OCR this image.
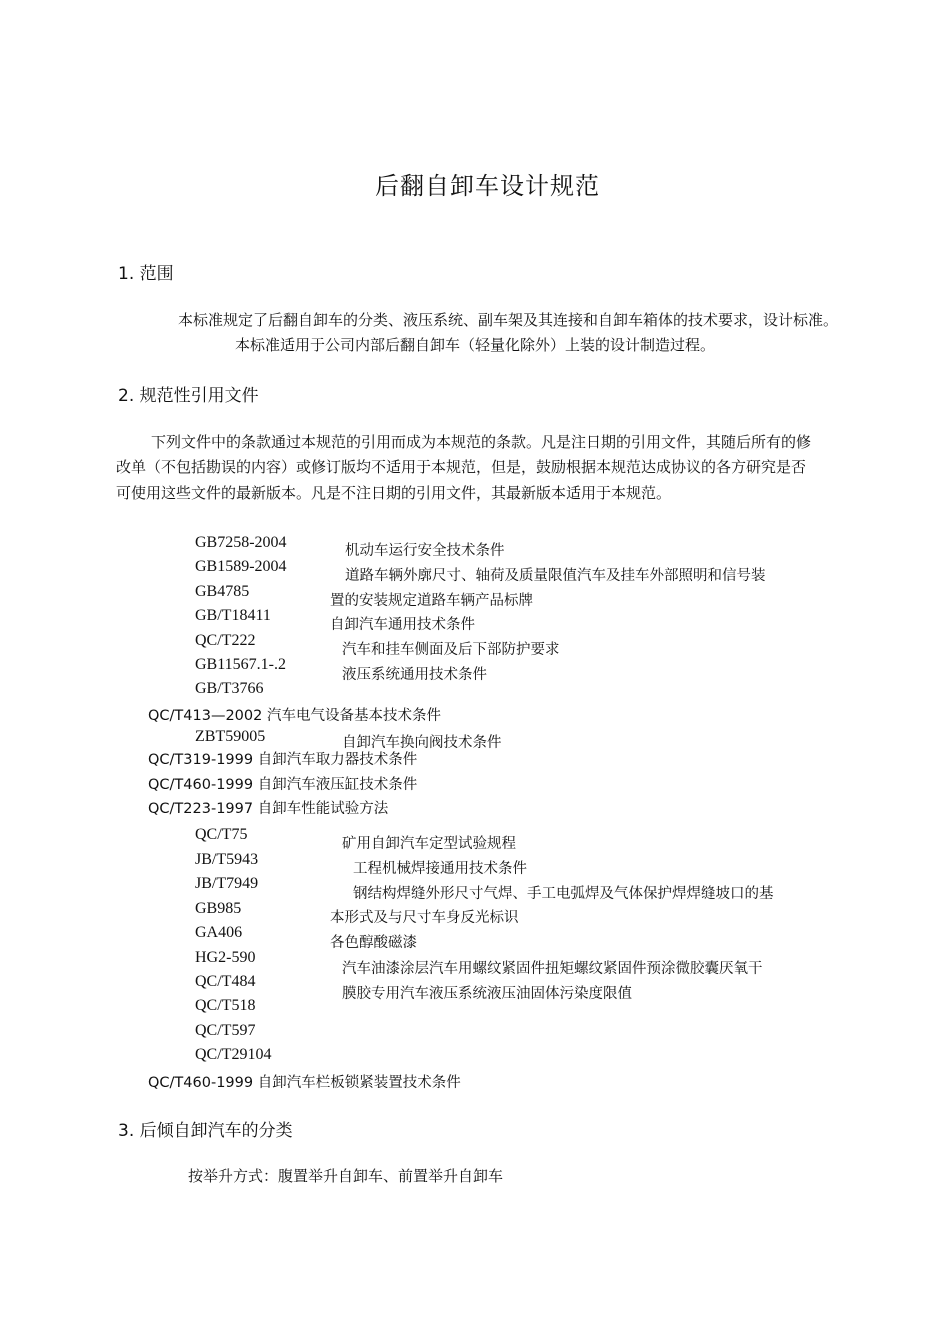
后翻自卸车设计规范
1. 范围
本标准规定了后翻自卸车的分类、液压系统、副车架及其连接和自卸车箱体的技术要求，设计标准。
本标准适用于公司内部后翻自卸车（轻量化除外）上装的设计制造过程。
2. 规范性引用文件
下列文件中的条款通过本规范的引用而成为本规范的条款。凡是注日期的引用文件，其随后所有的修
改单（不包括勘误的内容）或修订版均不适用于本规范，但是，鼓励根据本规范达成协议的各方研究是否
可使用这些文件的最新版本。凡是不注日期的引用文件，其最新版本适用于本规范。
GB7258-2004
GB1589-2004
GB4785
GB/T18411
QC/T222
GB11567.1-.2
GB/T3766
机动车运行安全技术条件
道路车辆外廓尺寸、轴荷及质量限值汽车及挂车外部照明和信号装
置的安装规定道路车辆产品标牌
自卸汽车通用技术条件
汽车和挂车侧面及后下部防护要求
液压系统通用技术条件
QC/T413—2002 汽车电气设备基本技术条件
ZBT59005	自卸汽车换向阀技术条件
QC/T319-1999 自卸汽车取力器技术条件
QC/T460-1999 自卸汽车液压缸技术条件
QC/T223-1997 自卸车性能试验方法
QC/T75
JB/T5943
JB/T7949
GB985
GA406
HG2-590
QC/T484
QC/T518
QC/T597
QC/T29104
矿用自卸汽车定型试验规程
工程机械焊接通用技术条件
钢结构焊缝外形尺寸气焊、手工电弧焊及气体保护焊焊缝坡口的基
本形式及与尺寸车身反光标识
各色醇酸磁漆
汽车油漆涂层汽车用螺纹紧固件扭矩螺纹紧固件预涂微胶囊厌氧干
膜胶专用汽车液压系统液压油固体污染度限值
QC/T460-1999 自卸汽车栏板锁紧装置技术条件
3. 后倾自卸汽车的分类
按举升方式：腹置举升自卸车、前置举升自卸车
